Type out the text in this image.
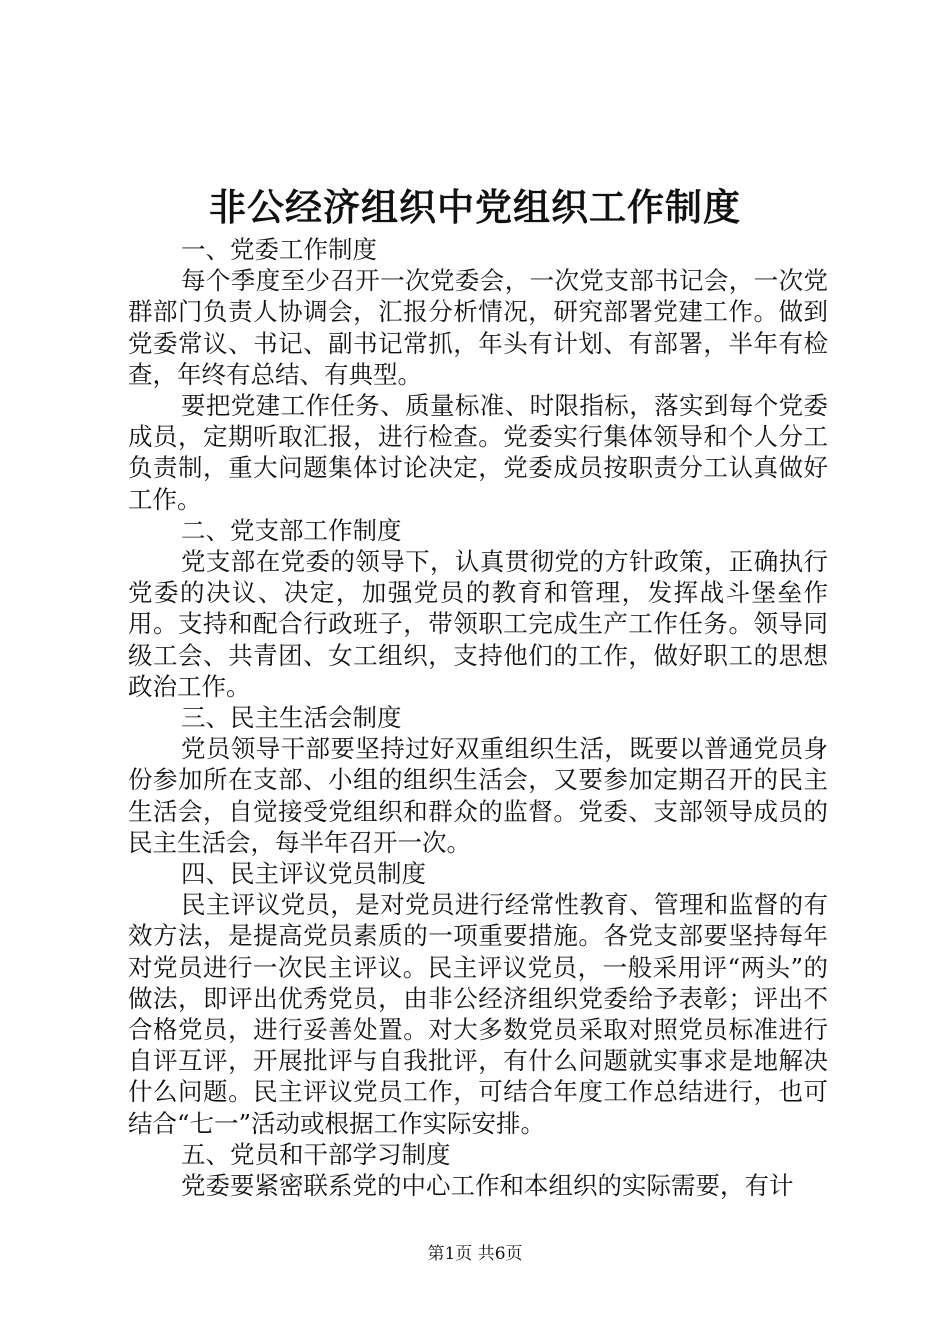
非公经济组织中党组织工作制度

一、党委工作制度

每个季度至少召开一次党委会，一次党支部书记会，一次党群部门负责人协调会，汇报分析情况，研究部署党建工作。做到党委常议、书记、副书记常抓，年头有计划、有部署，半年有检查，年终有总结、有典型。

要把党建工作任务、质量标准、时限指标，落实到每个党委成员，定期听取汇报，进行检查。党委实行集体领导和个人分工负责制，重大问题集体讨论决定，党委成员按职责分工认真做好工作。

二、党支部工作制度

党支部在党委的领导下，认真贯彻党的方针政策，正确执行党委的决议、决定，加强党员的教育和管理，发挥战斗堡垒作用。支持和配合行政班子，带领职工完成生产工作任务。领导同级工会、共青团、女工组织，支持他们的工作，做好职工的思想政治工作。

三、民主生活会制度

党员领导干部要坚持过好双重组织生活，既要以普通党员身份参加所在支部、小组的组织生活会，又要参加定期召开的民主生活会，自觉接受党组织和群众的监督。党委、支部领导成员的民主生活会，每半年召开一次。

四、民主评议党员制度

民主评议党员，是对党员进行经常性教育、管理和监督的有效方法，是提高党员素质的一项重要措施。各党支部要坚持每年对党员进行一次民主评议。民主评议党员，一般采用评“两头”的做法，即评出优秀党员，由非公经济组织党委给予表彰；评出不合格党员，进行妥善处置。对大多数党员采取对照党员标准进行自评互评，开展批评与自我批评，有什么问题就实事求是地解决什么问题。民主评议党员工作，可结合年度工作总结进行，也可结合“七一”活动或根据工作实际安排。

五、党员和干部学习制度

党委要紧密联系党的中心工作和本组织的实际需要，有计

第1页 共6页
